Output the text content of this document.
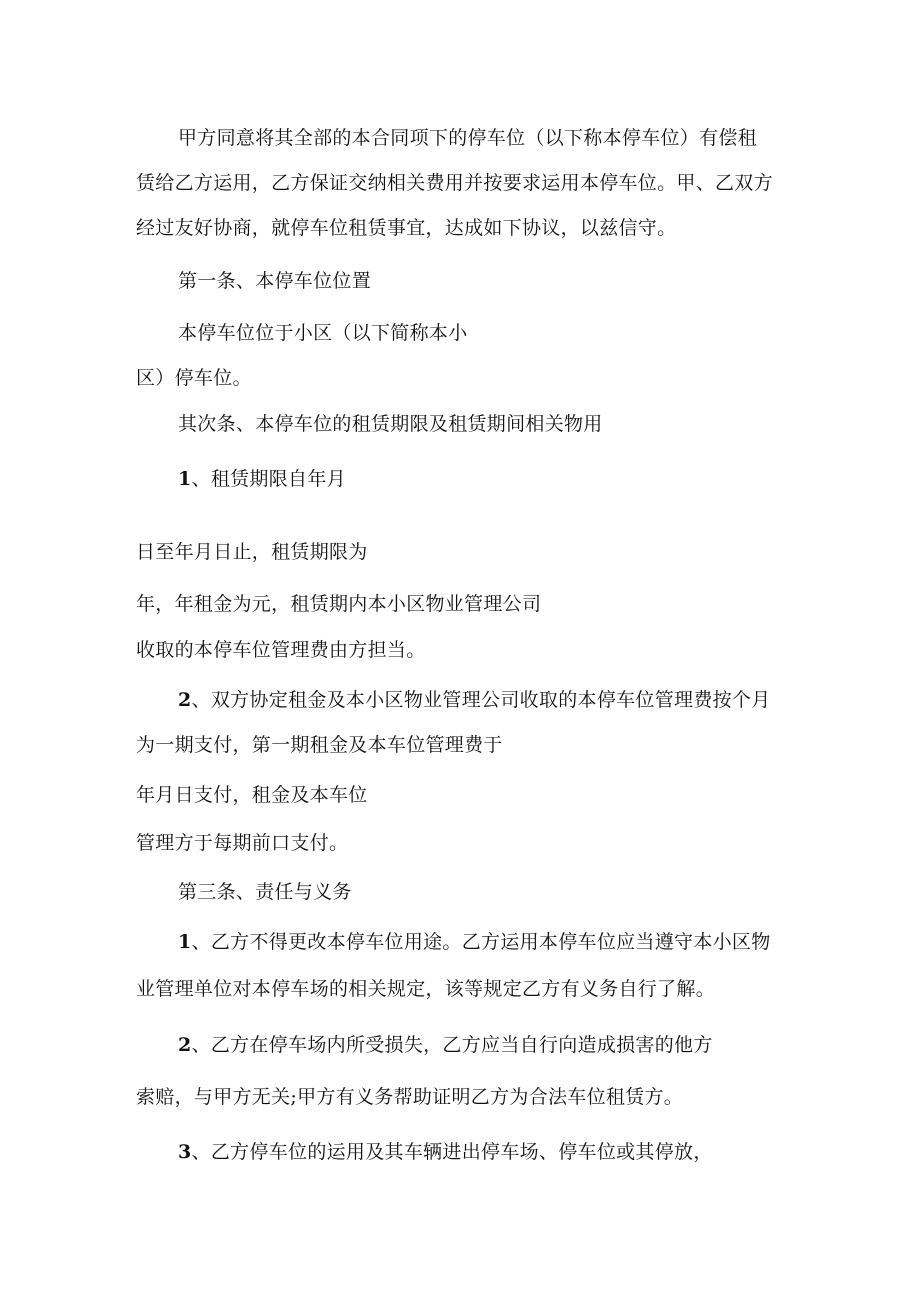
甲方同意将其全部的本合同项下的停车位（以下称本停车位）有偿租

赁给乙方运用，乙方保证交纳相关费用并按要求运用本停车位。甲、乙双方

经过友好协商，就停车位租赁事宜，达成如下协议，以兹信守。

第一条、本停车位位置

本停车位位于小区（以下简称本小

区）停车位。

其次条、本停车位的租赁期限及租赁期间相关物用

1、租赁期限自年月

日至年月日止，租赁期限为

年，年租金为元，租赁期内本小区物业管理公司

收取的本停车位管理费由方担当。

2、双方协定租金及本小区物业管理公司收取的本停车位管理费按个月

为一期支付，第一期租金及本车位管理费于

年月日支付，租金及本车位

管理方于每期前口支付。

第三条、责任与义务

1、乙方不得更改本停车位用途。乙方运用本停车位应当遵守本小区物

业管理单位对本停车场的相关规定，该等规定乙方有义务自行了解。

2、乙方在停车场内所受损失，乙方应当自行向造成损害的他方

索赔，与甲方无关;甲方有义务帮助证明乙方为合法车位租赁方。

3、乙方停车位的运用及其车辆进出停车场、停车位或其停放，
